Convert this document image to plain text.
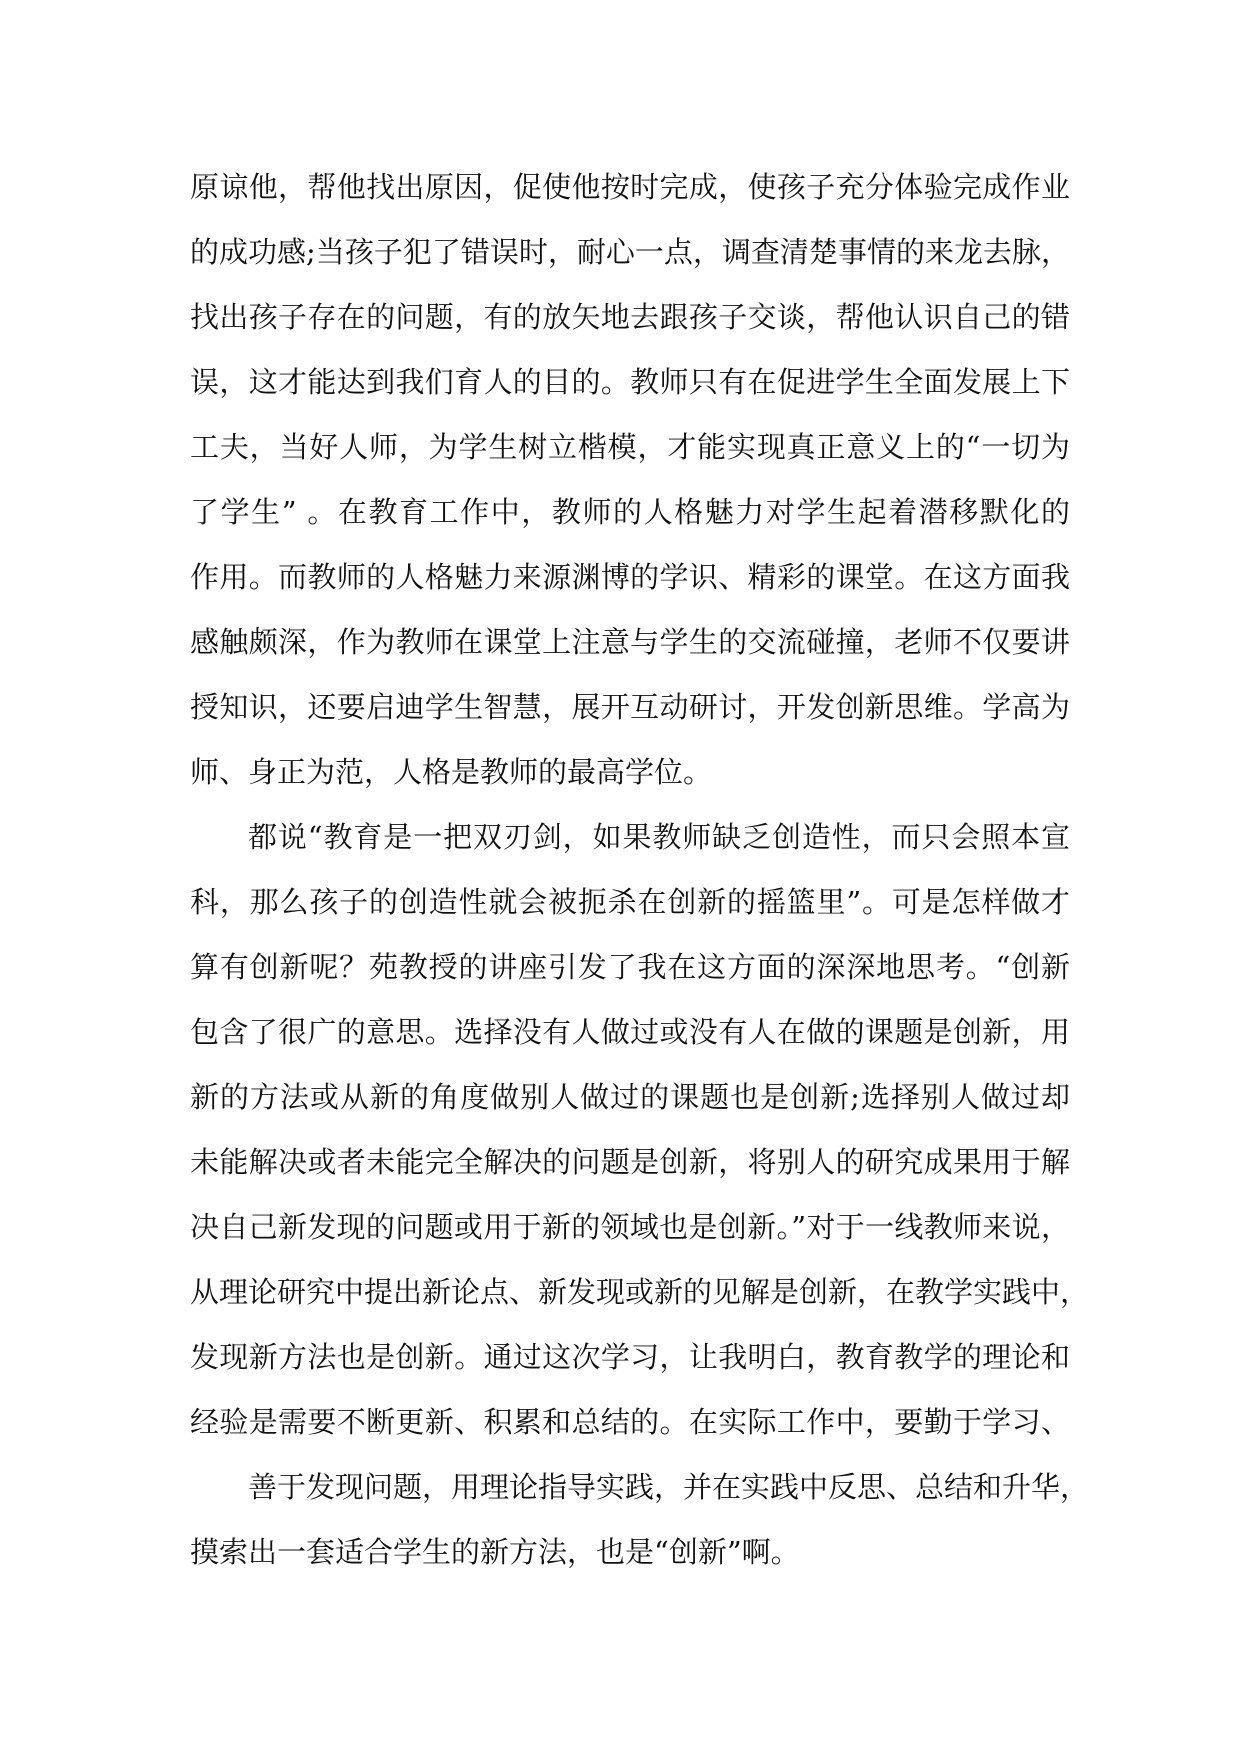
原谅他，帮他找出原因，促使他按时完成，使孩子充分体验完成作业
的成功感;当孩子犯了错误时，耐心一点，调查清楚事情的来龙去脉，
找出孩子存在的问题，有的放矢地去跟孩子交谈，帮他认识自己的错
误，这才能达到我们育人的目的。教师只有在促进学生全面发展上下
工夫，当好人师，为学生树立楷模，才能实现真正意义上的“一切为
了学生” 。在教育工作中，教师的人格魅力对学生起着潜移默化的
作用。而教师的人格魅力来源渊博的学识、精彩的课堂。在这方面我
感触颇深，作为教师在课堂上注意与学生的交流碰撞，老师不仅要讲
授知识，还要启迪学生智慧，展开互动研讨，开发创新思维。学高为
师、身正为范，人格是教师的最高学位。
都说“教育是一把双刃剑，如果教师缺乏创造性，而只会照本宣
科，那么孩子的创造性就会被扼杀在创新的摇篮里”。可是怎样做才
算有创新呢？苑教授的讲座引发了我在这方面的深深地思考。“创新
包含了很广的意思。选择没有人做过或没有人在做的课题是创新，用
新的方法或从新的角度做别人做过的课题也是创新;选择别人做过却
未能解决或者未能完全解决的问题是创新，将别人的研究成果用于解
决自己新发现的问题或用于新的领域也是创新。”对于一线教师来说，
从理论研究中提出新论点、新发现或新的见解是创新，在教学实践中，
发现新方法也是创新。通过这次学习，让我明白，教育教学的理论和
经验是需要不断更新、积累和总结的。在实际工作中，要勤于学习、
善于发现问题，用理论指导实践，并在实践中反思、总结和升华，
摸索出一套适合学生的新方法，也是“创新”啊。
